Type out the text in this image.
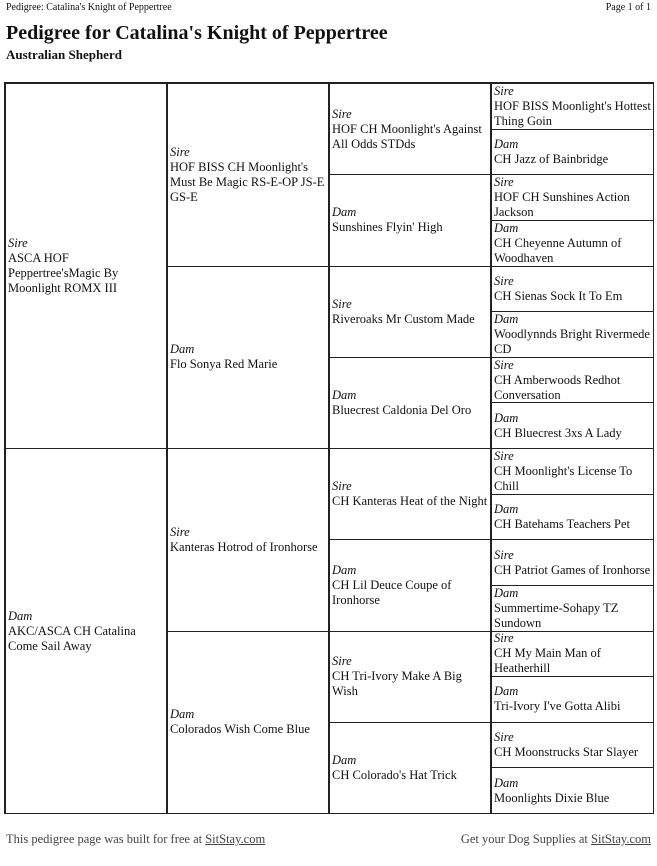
Pedigree: Catalina's Knight of Peppertree	Page 1 of 1
Pedigree for Catalina's Knight of Peppertree
Australian Shepherd
Sire
ASCA HOF Peppertree'sMagic By Moonlight ROMX III
Dam
AKC/ASCA CH Catalina Come Sail Away
Sire
HOF BISS CH Moonlight's Must Be Magic RS-E-OP JS-E GS-E
Dam
Flo Sonya Red Marie
Sire
Kanteras Hotrod of Ironhorse
Dam
Colorados Wish Come Blue
Sire
HOF CH Moonlight's Against All Odds STDds
Dam
Sunshines Flyin' High
Sire
Riveroaks Mr Custom Made
Dam
Bluecrest Caldonia Del Oro
Sire
CH Kanteras Heat of the Night
Dam
CH Lil Deuce Coupe of Ironhorse
Sire
CH Tri-Ivory Make A Big Wish
Dam
CH Colorado's Hat Trick
Sire
HOF BISS Moonlight's Hottest Thing Goin
Dam
CH Jazz of Bainbridge
Sire
HOF CH Sunshines Action Jackson
Dam
CH Cheyenne Autumn of Woodhaven
Sire
CH Sienas Sock It To Em
Dam
Woodlynnds Bright Rivermede CD
Sire
CH Amberwoods Redhot Conversation
Dam
CH Bluecrest 3xs A Lady
Sire
CH Moonlight's License To Chill
Dam
CH Batehams Teachers Pet
Sire
CH Patriot Games of Ironhorse
Dam
Summertime-Sohapy TZ Sundown
Sire
CH My Main Man of Heatherhill
Dam
Tri-Ivory I've Gotta Alibi
Sire
CH Moonstrucks Star Slayer
Dam
Moonlights Dixie Blue
This pedigree page was built for free at SitStay.com	Get your Dog Supplies at SitStay.com
